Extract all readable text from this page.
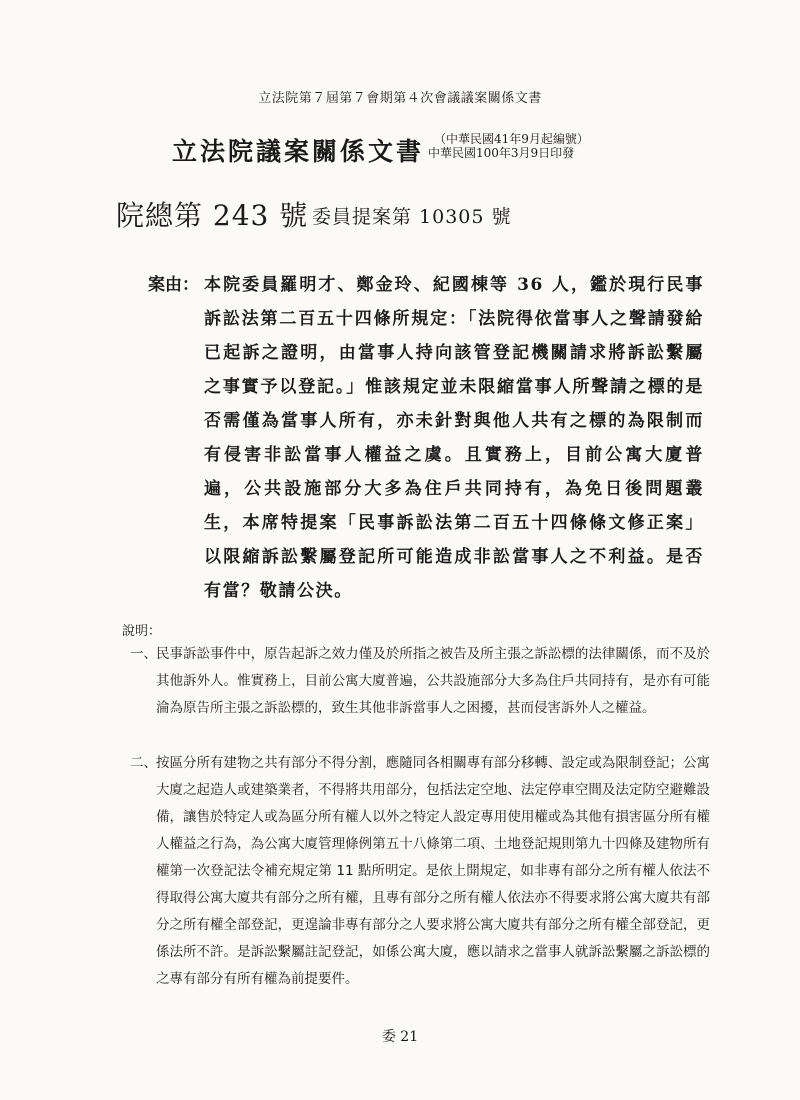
立法院第７屆第７會期第４次會議議案關係文書
立法院議案關係文書 （中華民國41年9月起編號）
中華民國100年3月9日印發
院總第 243 號 委員提案第 10305 號
案由： 本院委員羅明才、鄭金玲、紀國棟等 36 人，鑑於現行民事訴訟法第二百五十四條所規定：「法院得依當事人之聲請發給已起訴之證明，由當事人持向該管登記機關請求將訴訟繫屬之事實予以登記。」惟該規定並未限縮當事人所聲請之標的是否需僅為當事人所有，亦未針對與他人共有之標的為限制而有侵害非訟當事人權益之虞。且實務上，目前公寓大廈普遍，公共設施部分大多為住戶共同持有，為免日後問題叢生，本席特提案「民事訴訟法第二百五十四條條文修正案」以限縮訴訟繫屬登記所可能造成非訟當事人之不利益。是否有當？敬請公決。
說明：
一、 民事訴訟事件中，原告起訴之效力僅及於所指之被告及所主張之訴訟標的法律關係，而不及於其他訴外人。惟實務上，目前公寓大廈普遍，公共設施部分大多為住戶共同持有，是亦有可能淪為原告所主張之訴訟標的，致生其他非訴當事人之困擾，甚而侵害訴外人之權益。
二、 按區分所有建物之共有部分不得分割，應隨同各相關專有部分移轉、設定或為限制登記；公寓大廈之起造人或建築業者，不得將共用部分，包括法定空地、法定停車空間及法定防空避難設備，讓售於特定人或為區分所有權人以外之特定人設定專用使用權或為其他有損害區分所有權人權益之行為，為公寓大廈管理條例第五十八條第二項、土地登記規則第九十四條及建物所有權第一次登記法令補充規定第 11 點所明定。是依上開規定，如非專有部分之所有權人依法不得取得公寓大廈共有部分之所有權，且專有部分之所有權人依法亦不得要求將公寓大廈共有部分之所有權全部登記，更遑論非專有部分之人要求將公寓大廈共有部分之所有權全部登記，更係法所不許。是訴訟繫屬註記登記，如係公寓大廈，應以請求之當事人就訴訟繫屬之訴訟標的之專有部分有所有權為前提要件。
委 21
